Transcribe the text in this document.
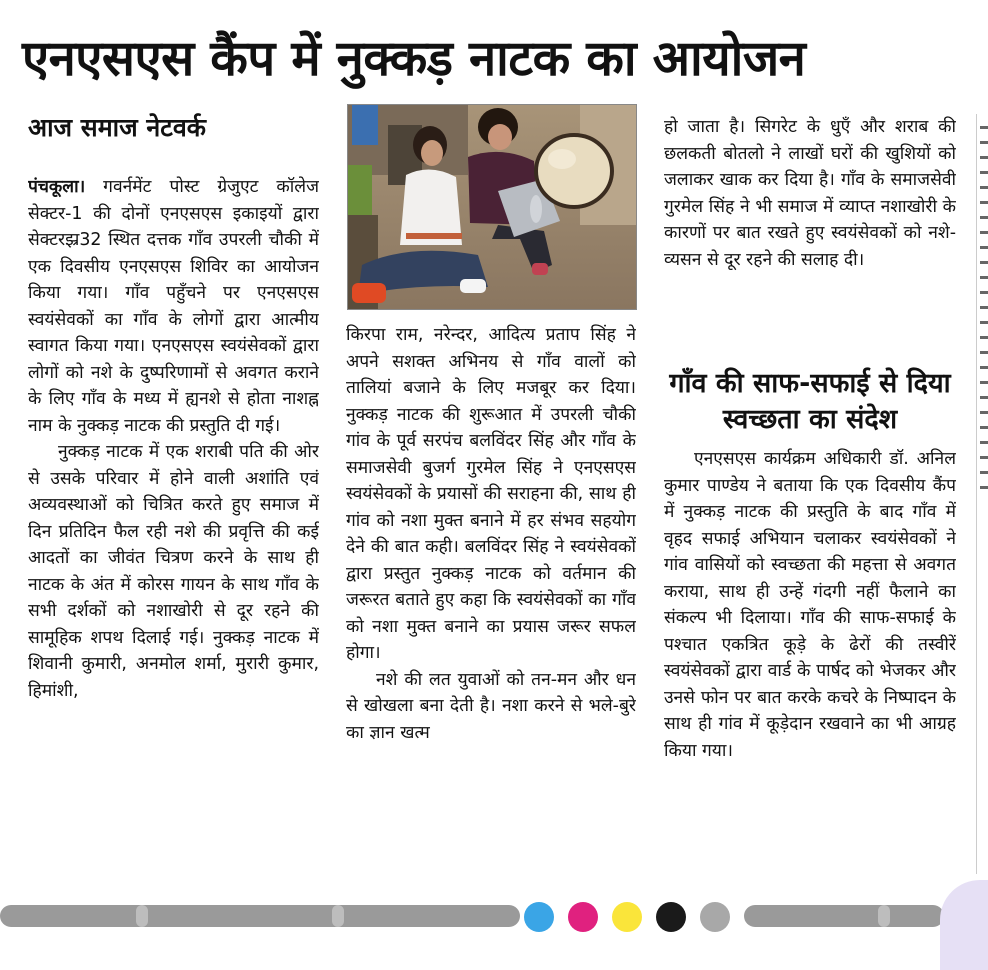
एनएसएस कैंप में नुक्कड़ नाटक का आयोजन
आज समाज नेटवर्क

पंचकूला। गवर्नमेंट पोस्ट ग्रेजुएट कॉलेज सेक्टर-1 की दोनों एनएसएस इकाइयों द्वारा सेक्टरझ्र32 स्थित दत्तक गाँव उपरली चौकी में एक दिवसीय एनएसएस शिविर का आयोजन किया गया। गाँव पहुँचने पर एनएसएस स्वयंसेवकों का गाँव के लोगों द्वारा आत्मीय स्वागत किया गया। एनएसएस स्वयंसेवकों द्वारा लोगों को नशे के दुष्परिणामों से अवगत कराने के लिए गाँव के मध्य में ह्यनशे से होता नाशह्न नाम के नुक्कड़ नाटक की प्रस्तुति दी गई।

नुक्कड़ नाटक में एक शराबी पति की ओर से उसके परिवार में होने वाली अशांति एवं अव्यवस्थाओं को चित्रित करते हुए समाज में दिन प्रतिदिन फैल रही नशे की प्रवृत्ति की कई आदतों का जीवंत चित्रण करने के साथ ही नाटक के अंत में कोरस गायन के साथ गाँव के सभी दर्शकों को नशाखोरी से दूर रहने की सामूहिक शपथ दिलाई गई। नुक्कड़ नाटक में शिवानी कुमारी, अनमोल शर्मा, मुरारी कुमार, हिमांशी,

किरपा राम, नरेन्दर, आदित्य प्रताप सिंह ने अपने सशक्त अभिनय से गाँव वालों को तालियां बजाने के लिए मजबूर कर दिया।नुक्कड़ नाटक की शुरूआत में उपरली चौकी गांव के पूर्व सरपंच बलविंदर सिंह और गाँव के समाजसेवी बुजर्ग गुरमेल सिंह ने एनएसएस स्वयंसेवकों के प्रयासों की सराहना की, साथ ही गांव को नशा मुक्त बनाने में हर संभव सहयोग देने की बात कही। बलविंदर सिंह ने स्वयंसेवकों द्वारा प्रस्तुत नुक्कड़ नाटक को वर्तमान की जरूरत बताते हुए कहा कि स्वयंसेवकों का गाँव को नशा मुक्त बनाने का प्रयास जरूर सफल होगा।

नशे की लत युवाओं को तन-मन और धन से खोखला बना देती है। नशा करने से भले-बुरे का ज्ञान खत्म

हो जाता है। सिगरेट के धुएँ और शराब की छलकती बोतलो ने लाखों घरों की खुशियों को जलाकर खाक कर दिया है। गाँव के समाजसेवी गुरमेल सिंह ने भी समाज में व्याप्त नशाखोरी के कारणों पर बात रखते हुए स्वयंसेवकों को नशे-व्यसन से दूर रहने की सलाह दी।

गाँव की साफ-सफाई से दिया स्वच्छता का संदेश

एनएसएस कार्यक्रम अधिकारी डॉ. अनिल कुमार पाण्डेय ने बताया कि एक दिवसीय कैंप में नुक्कड़ नाटक की प्रस्तुति के बाद गाँव में वृहद सफाई अभियान चलाकर स्वयंसेवकों ने गांव वासियों को स्वच्छता की महत्ता से अवगत कराया, साथ ही उन्हें गंदगी नहीं फैलाने का संकल्प भी दिलाया। गाँव की साफ-सफाई के पश्चात एकत्रित कूड़े के ढेरों की तस्वीरें स्वयंसेवकों द्वारा वार्ड के पार्षद को भेजकर और उनसे फोन पर बात करके कचरे के निष्पादन के साथ ही गांव में कूड़ेदान रखवाने का भी आग्रह किया गया।
